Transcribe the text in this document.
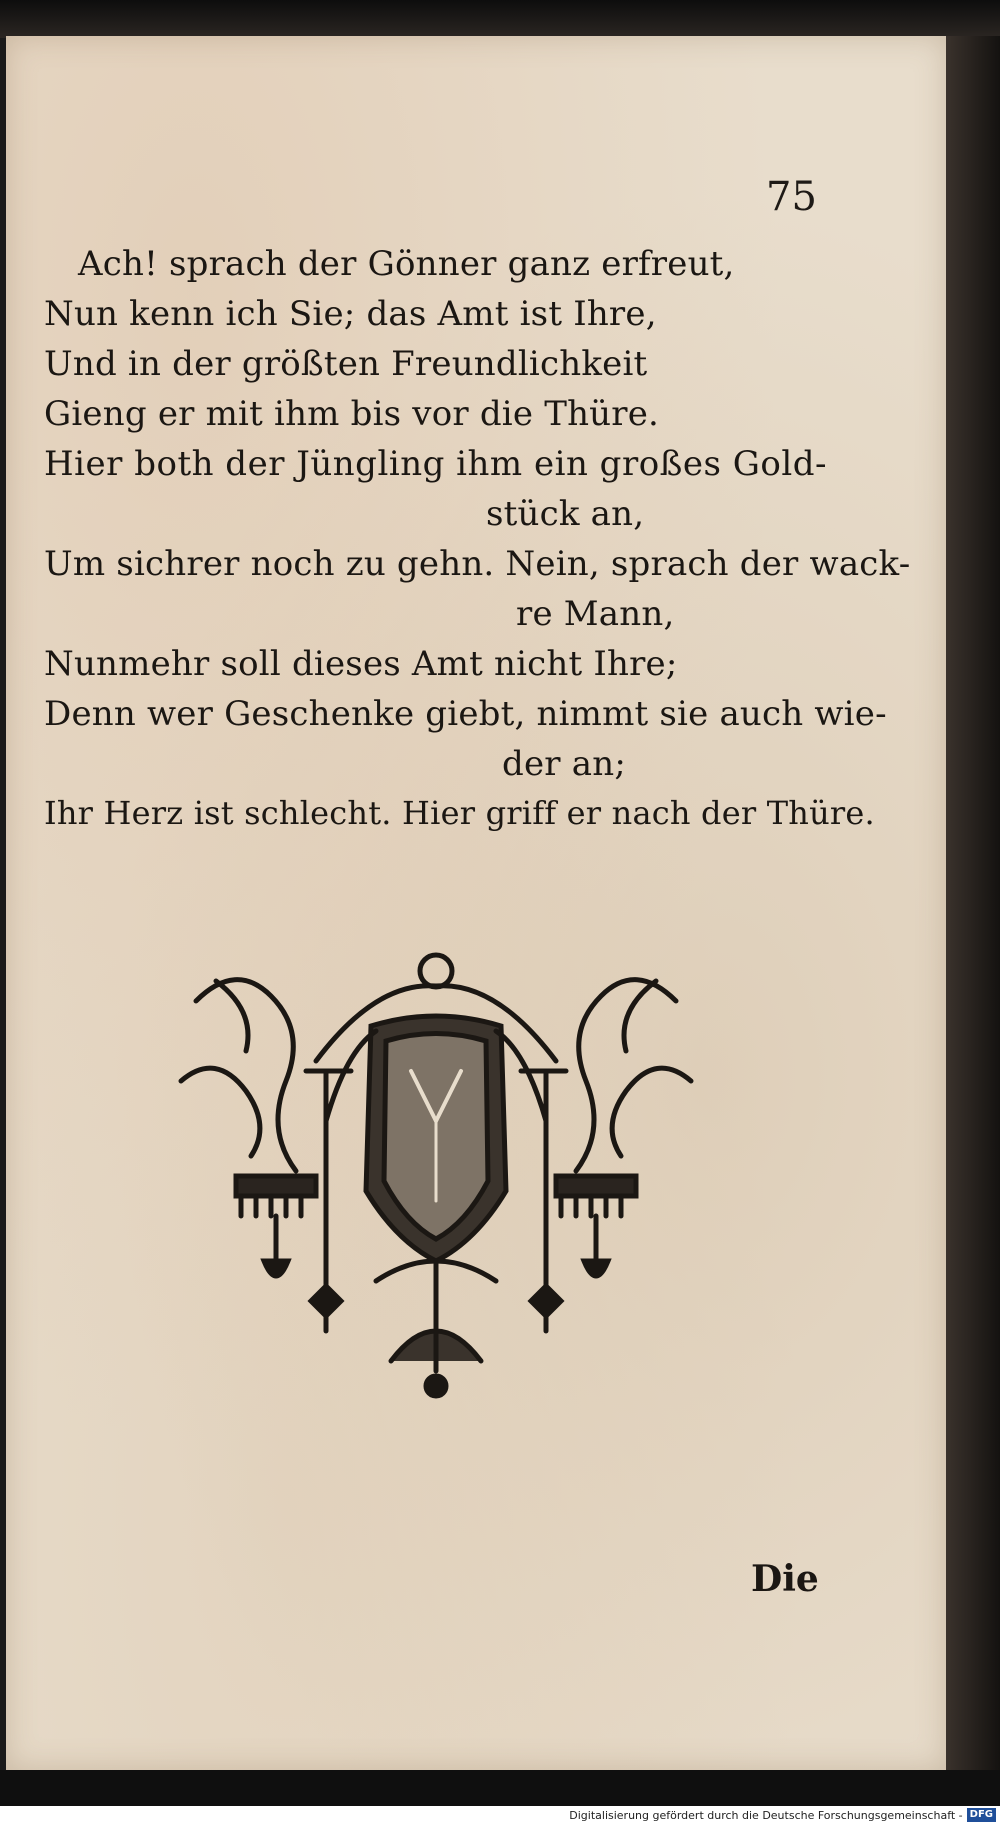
75
Ach! sprach der Gönner ganz erfreut,
Nun kenn ich Sie; das Amt ist Ihre,
Und in der größten Freundlichkeit
Gieng er mit ihm bis vor die Thüre.
Hier both der Jüngling ihm ein großes Gold-
stück an,
Um sichrer noch zu gehn. Nein, sprach der wack-
re Mann,
Nunmehr soll dieses Amt nicht Ihre;
Denn wer Geschenke giebt, nimmt sie auch wie-
der an;
Ihr Herz ist schlecht. Hier griff er nach der Thüre.
Die
Digitalisierung gefördert durch die Deutsche Forschungsgemeinschaft - DFG
